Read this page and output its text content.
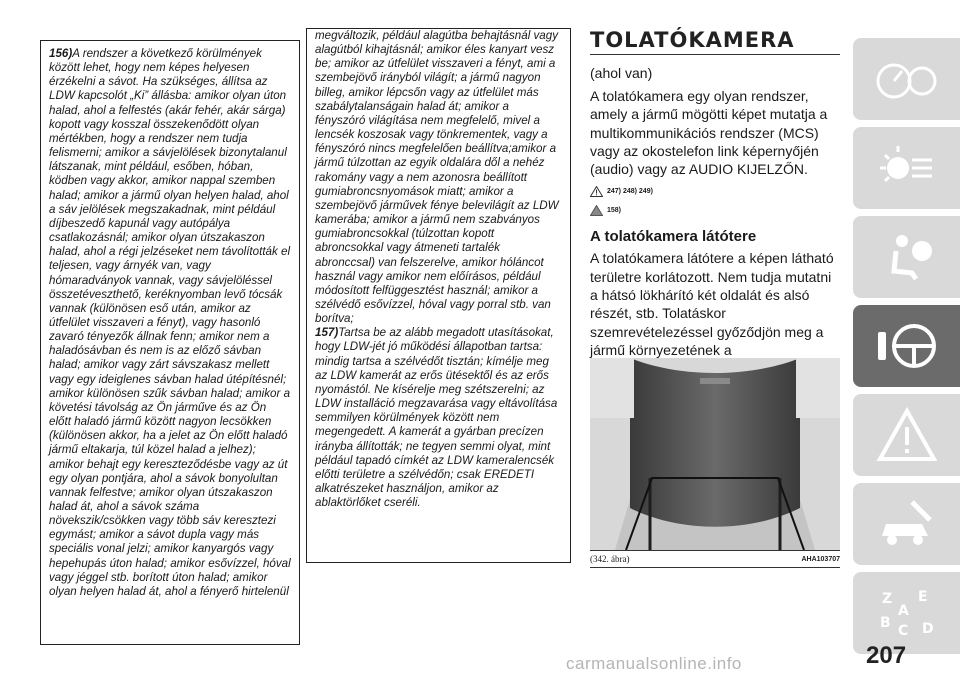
156)A rendszer a következő körülmények között lehet, hogy nem képes helyesen érzékelni a sávot. Ha szükséges, állítsa az LDW kapcsolót „Ki” állásba: amikor olyan úton halad, ahol a felfestés (akár fehér, akár sárga) kopott vagy kosszal összekenődött olyan mértékben, hogy a rendszer nem tudja felismerni; amikor a sávjelölések bizonytalanul látszanak, mint például, esőben, hóban, ködben vagy akkor, amikor nappal szemben halad; amikor a jármű olyan helyen halad, ahol a sáv jelölések megszakadnak, mint például díjbeszedő kapunál vagy autópálya csatlakozásnál; amikor olyan útszakaszon halad, ahol a régi jelzéseket nem távolították el teljesen, vagy árnyék van, vagy hómaradványok vannak, vagy sávjelöléssel összetéveszthető, keréknyomban levő tócsák vannak (különösen eső után, amikor az útfelület visszaveri a fényt), vagy hasonló zavaró tényezők állnak fenn; amikor nem a haladósávban és nem is az előző sávban halad; amikor vagy zárt sávszakasz mellett vagy egy ideiglenes sávban halad útépítésnél; amikor különösen szűk sávban halad; amikor a követési távolság az Ön járműve és az Ön előtt haladó jármű között nagyon lecsökken (különösen akkor, ha a jelet az Ön előtt haladó jármű eltakarja, túl közel halad a jelhez); amikor behajt egy kereszteződésbe vagy az út egy olyan pontjára, ahol a sávok bonyolultan vannak felfestve; amikor olyan útszakaszon halad át, ahol a sávok száma növekszik/csökken vagy több sáv keresztezi egymást; amikor a sávot dupla vagy más speciális vonal jelzi; amikor kanyargós vagy hepehupás úton halad; amikor esővízzel, hóval vagy jéggel stb. borított úton halad; amikor olyan helyen halad át, ahol a fényerő hirtelenül

megváltozik, például alagútba behajtásnál vagy alagútból kihajtásnál; amikor éles kanyart vesz be; amikor az útfelület visszaveri a fényt, ami a szembejövő irányból világít; a jármű nagyon billeg, amikor lépcsőn vagy az útfelület más szabálytalanságain halad át; amikor a fényszóró világítása nem megfelelő, mivel a lencsék koszosak vagy tönkrementek, vagy a fényszóró nincs megfelelően beállítva;amikor a jármű túlzottan az egyik oldalára dől a nehéz rakomány vagy a nem azonosra beállított gumiabroncsnyomások miatt; amikor a szembejövő járművek fénye belevilágít az LDW kamerába; amikor a jármű nem szabványos gumiabroncsokkal (túlzottan kopott abroncsokkal vagy átmeneti tartalék abronccsal) van felszerelve, amikor hóláncot használ vagy amikor nem előírásos, például módosított felfüggesztést használ; amikor a szélvédő esővízzel, hóval vagy porral stb. van borítva;

157)Tartsa be az alább megadott utasításokat, hogy LDW-jét jó működési állapotban tartsa: mindig tartsa a szélvédőt tisztán; kímélje meg az LDW kamerát az erős ütésektől és az erős nyomástól. Ne kísérelje meg szétszerelni; az LDW installáció megzavarása vagy eltávolítása semmilyen körülmények között nem megengedett. A kamerát a gyárban precízen irányba állították; ne tegyen semmi olyat, mint például tapadó címkét az LDW kameralencsék előtti területre a szélvédőn; csak EREDETI alkatrészeket használjon, amikor az ablaktörlőket cseréli.

TOLATÓKAMERA

(ahol van)

A tolatókamera egy olyan rendszer, amely a jármű mögötti képet mutatja a multikommunikációs rendszer (MCS) vagy az okostelefon link képernyőjén (audio) vagy az AUDIO KIJELZŐN.

247) 248) 249)
158)
A tolatókamera látótere

A tolatókamera látótere a képen látható területre korlátozott. Nem tudja mutatni a hátsó lökhárító két oldalát és alsó részét, stb. Tolatáskor szemrevételezéssel győződjön meg a jármű környezetének a

(342. ábra)	AHA103707
Z E
B C D
A
207
carmanualsonline.info
